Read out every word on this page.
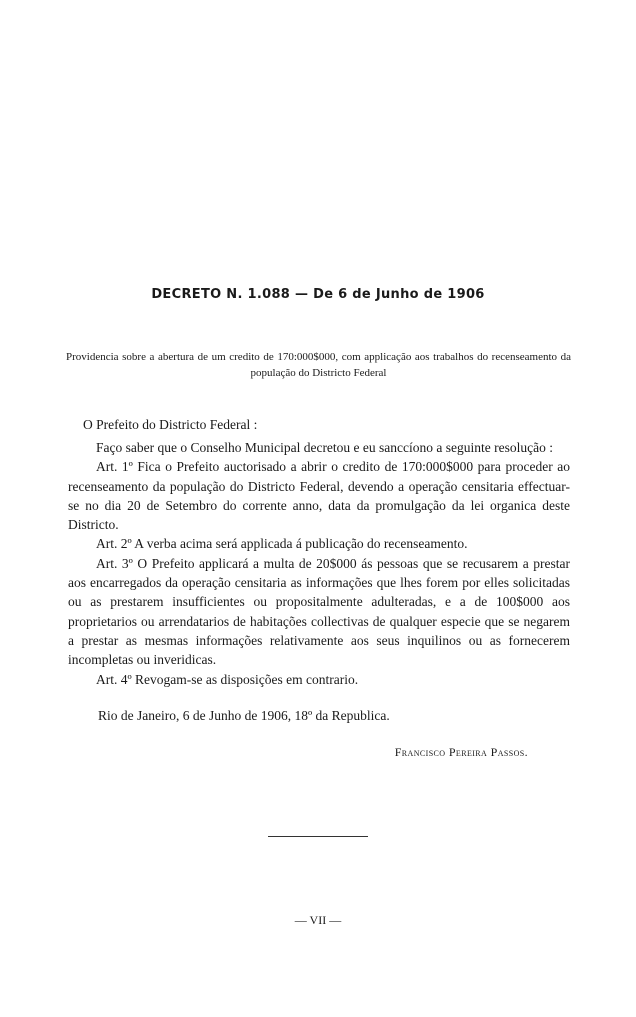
DECRETO N. 1.088 — De 6 de Junho de 1906
Providencia sobre a abertura de um credito de 170:000$000, com applicação aos trabalhos do recenseamento da população do Districto Federal
O Prefeito do Districto Federal :

Faço saber que o Conselho Municipal decretou e eu sanccíono a seguinte resolução :

Art. 1º Fica o Prefeito auctorisado a abrir o credito de 170:000$000 para proceder ao recenseamento da população do Districto Federal, devendo a operação censitaria effectuar-se no dia 20 de Setembro do corrente anno, data da promulgação da lei organica deste Districto.

Art. 2º A verba acima será applicada á publicação do recenseamento.

Art. 3º O Prefeito applicará a multa de 20$000 ás pessoas que se recusarem a prestar aos encarregados da operação censitaria as informações que lhes forem por elles solicitadas ou as prestarem insufficientes ou propositalmente adulteradas, e a de 100$000 aos proprietarios ou arrendatarios de habitações collectivas de qualquer especie que se negarem a prestar as mesmas informações relativamente aos seus inquilinos ou as fornecerem incompletas ou inveridicas.

Art. 4º Revogam-se as disposições em contrario.

Rio de Janeiro, 6 de Junho de 1906, 18º da Republica.
Francisco Pereira Passos.
— VII —
